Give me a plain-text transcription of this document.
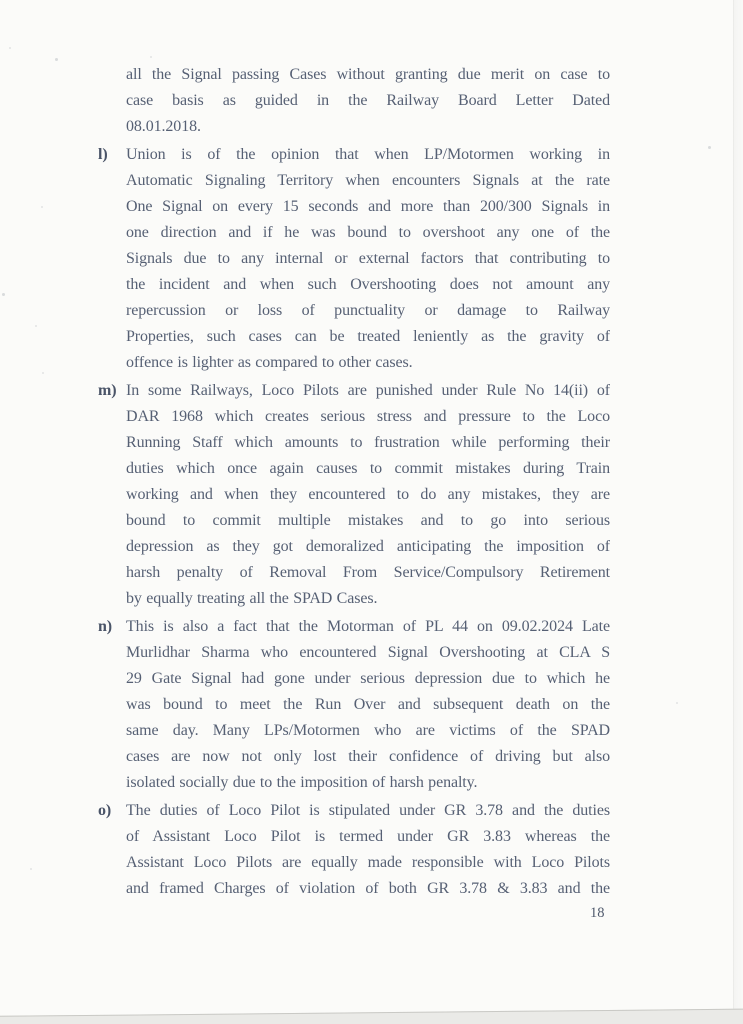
all the Signal passing Cases without granting due merit on case to
case basis as guided in the Railway Board Letter Dated
08.01.2018.
l) Union is of the opinion that when LP/Motormen working in
Automatic Signaling Territory when encounters Signals at the rate
One Signal on every 15 seconds and more than 200/300 Signals in
one direction and if he was bound to overshoot any one of the
Signals due to any internal or external factors that contributing to
the incident and when such Overshooting does not amount any
repercussion or loss of punctuality or damage to Railway
Properties, such cases can be treated leniently as the gravity of
offence is lighter as compared to other cases.
m) In some Railways, Loco Pilots are punished under Rule No 14(ii) of
DAR 1968 which creates serious stress and pressure to the Loco
Running Staff which amounts to frustration while performing their
duties which once again causes to commit mistakes during Train
working and when they encountered to do any mistakes, they are
bound to commit multiple mistakes and to go into serious
depression as they got demoralized anticipating the imposition of
harsh penalty of Removal From Service/Compulsory Retirement
by equally treating all the SPAD Cases.
n) This is also a fact that the Motorman of PL 44 on 09.02.2024 Late
Murlidhar Sharma who encountered Signal Overshooting at CLA S
29 Gate Signal had gone under serious depression due to which he
was bound to meet the Run Over and subsequent death on the
same day. Many LPs/Motormen who are victims of the SPAD
cases are now not only lost their confidence of driving but also
isolated socially due to the imposition of harsh penalty.
o) The duties of Loco Pilot is stipulated under GR 3.78 and the duties
of Assistant Loco Pilot is termed under GR 3.83 whereas the
Assistant Loco Pilots are equally made responsible with Loco Pilots
and framed Charges of violation of both GR 3.78 & 3.83 and the
18
